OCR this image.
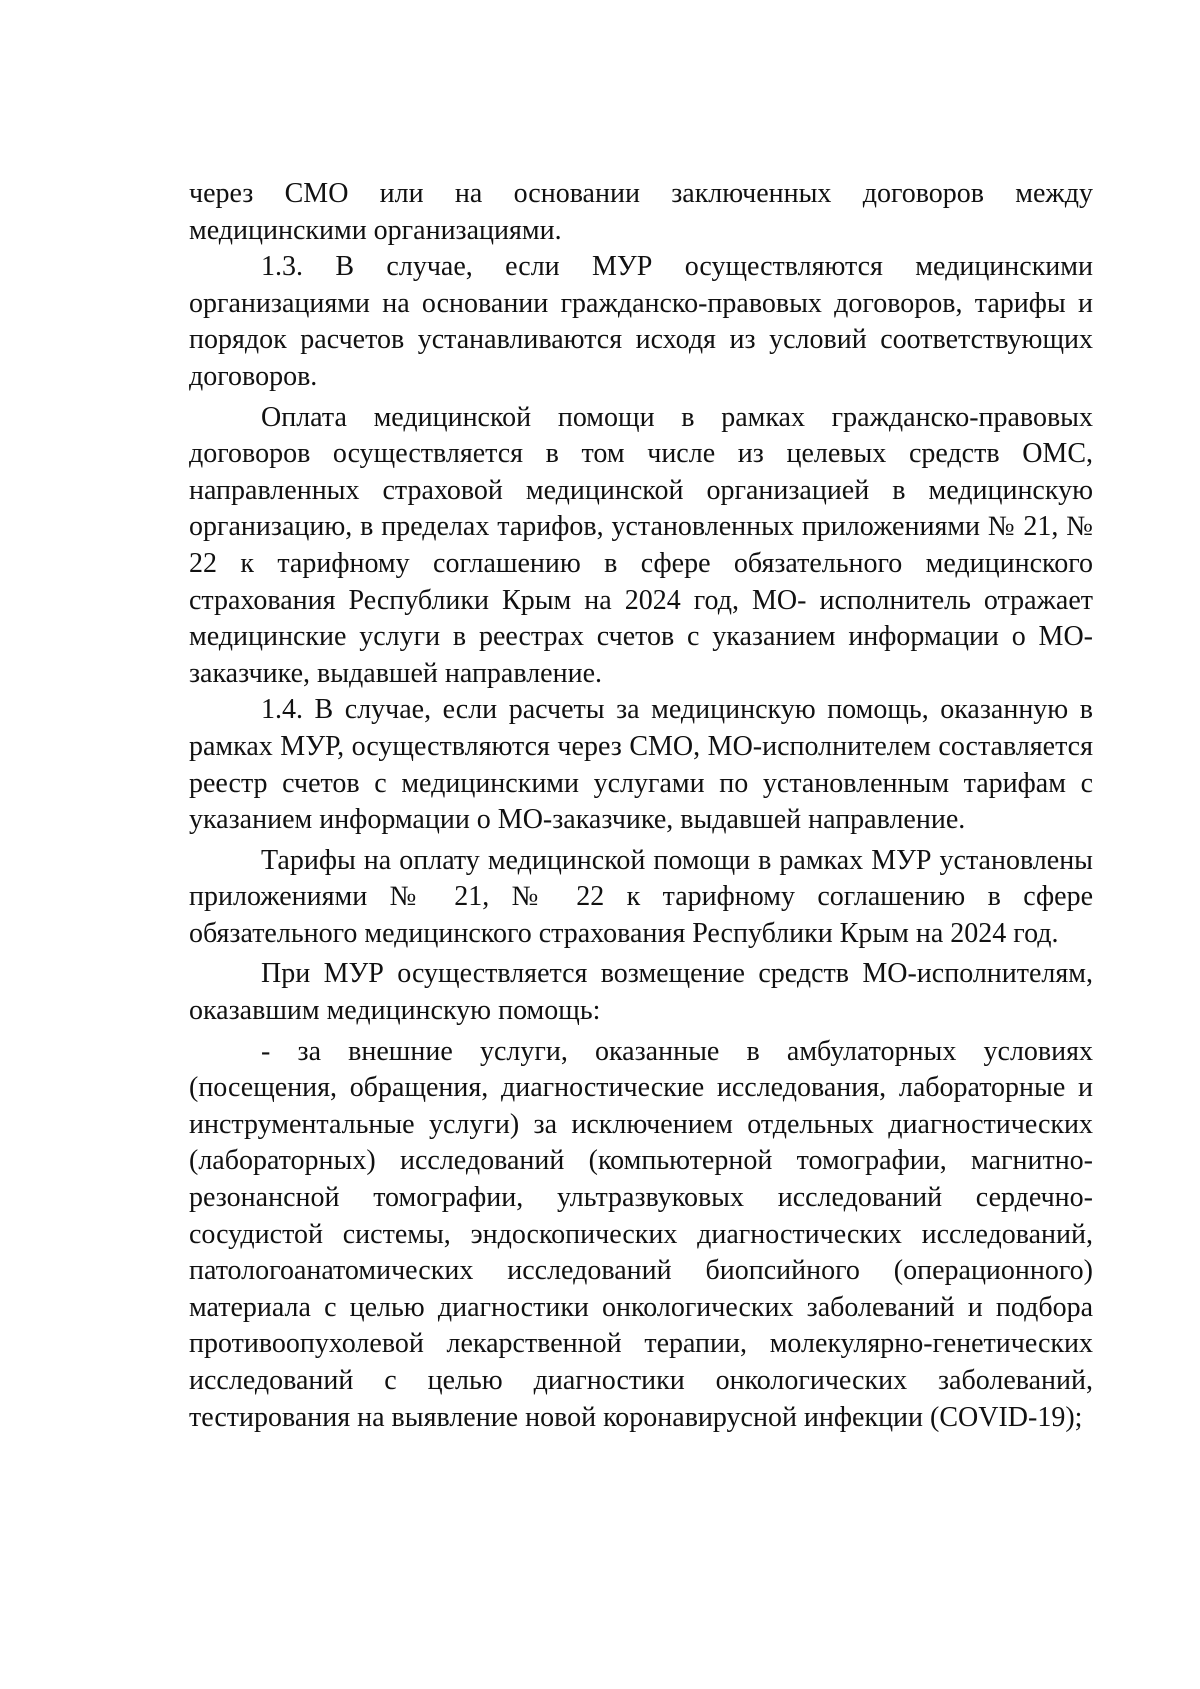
через СМО или на основании заключенных договоров между медицинскими организациями.

1.3. В случае, если МУР осуществляются медицинскими организациями на основании гражданско-правовых договоров, тарифы и порядок расчетов устанавливаются исходя из условий соответствующих договоров.

Оплата медицинской помощи в рамках гражданско-правовых договоров осуществляется в том числе из целевых средств ОМС, направленных страховой медицинской организацией в медицинскую организацию, в пределах тарифов, установленных приложениями № 21, № 22 к тарифному соглашению в сфере обязательного медицинского страхования Республики Крым на 2024 год, МО- исполнитель отражает медицинские услуги в реестрах счетов с указанием информации о МО-заказчике, выдавшей направление.

1.4. В случае, если расчеты за медицинскую помощь, оказанную в рамках МУР, осуществляются через СМО, МО-исполнителем составляется реестр счетов с медицинскими услугами по установленным тарифам с указанием информации о МО-заказчике, выдавшей направление.

Тарифы на оплату медицинской помощи в рамках МУР установлены приложениями № 21, № 22 к тарифному соглашению в сфере обязательного медицинского страхования Республики Крым на 2024 год.

При МУР осуществляется возмещение средств МО-исполнителям, оказавшим медицинскую помощь:

- за внешние услуги, оказанные в амбулаторных условиях (посещения, обращения, диагностические исследования, лабораторные и инструментальные услуги) за исключением отдельных диагностических (лабораторных) исследований (компьютерной томографии, магнитно-резонансной томографии, ультразвуковых исследований сердечно-сосудистой системы, эндоскопических диагностических исследований, патологоанатомических исследований биопсийного (операционного) материала с целью диагностики онкологических заболеваний и подбора противоопухолевой лекарственной терапии, молекулярно-генетических исследований с целью диагностики онкологических заболеваний, тестирования на выявление новой коронавирусной инфекции (COVID-19);
